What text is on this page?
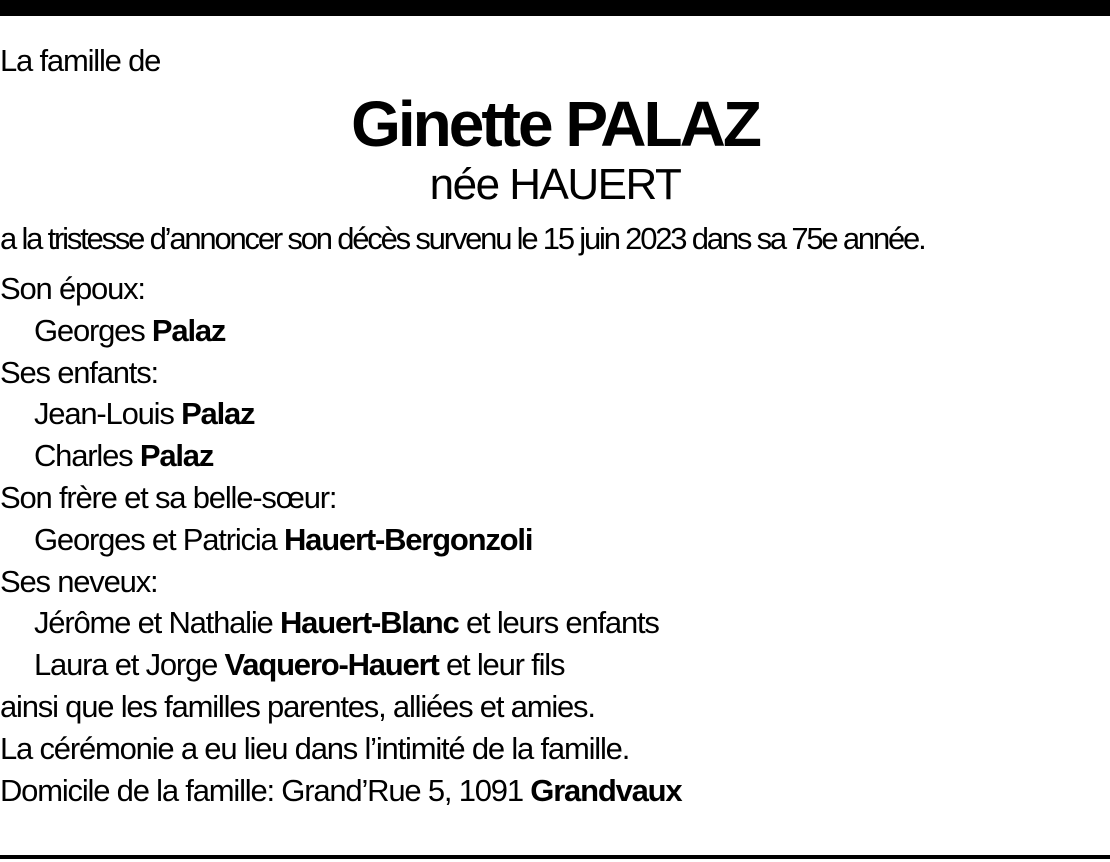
La famille de
Ginette PALAZ
née HAUERT
a la tristesse d’annoncer son décès survenu le 15 juin 2023 dans sa 75e année.
Son époux:
Georges Palaz
Ses enfants:
Jean-Louis Palaz
Charles Palaz
Son frère et sa belle-sœur:
Georges et Patricia Hauert-Bergonzoli
Ses neveux:
Jérôme et Nathalie Hauert-Blanc et leurs enfants
Laura et Jorge Vaquero-Hauert et leur fils
ainsi que les familles parentes, alliées et amies.
La cérémonie a eu lieu dans l’intimité de la famille.
Domicile de la famille: Grand’Rue 5, 1091 Grandvaux
